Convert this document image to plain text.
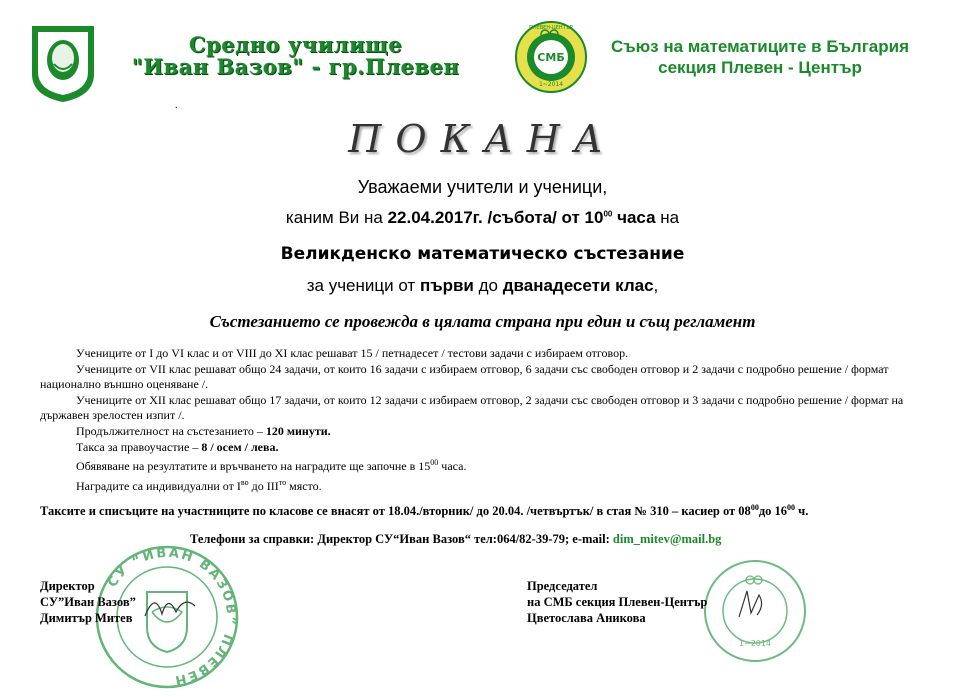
Средно училище
"Иван Вазов" - гр.Плевен	СМБ
1~2014
ПЛЕВЕН-ЦЕНТЪР
Съюз на математиците в България
секция Плевен - Център
.
ПОКАНА
Уважаеми учители и ученици,
каним Ви на 22.04.2017г. /събота/ от $10^{00}$ часа на
Великденско математическо състезание
за ученици от първи до дванадесети клас,
Състезанието се провежда в цялата страна при един и същ регламент

Учениците от I до VI клас и от VIII до XI клас решават 15 / петнадесет / тестови задачи с избираем отговор.

Учениците от VII клас решават общо 24 задачи, от които 16 задачи с избираем отговор, 6 задачи със свободен отговор и 2 задачи с подробно решение / формат национално външно оценяване /.

Учениците от XII клас решават общо 17 задачи, от които 12 задачи с избираем отговор, 2 задачи със свободен отговор и 3 задачи с подробно решение / формат на държавен зрелостен изпит /.

Продължителност на състезанието – 120 минути.

Такса за правоучастие – 8 / осем / лева.

Обявяване на резултатите и връчването на наградите ще започне в $15^{00}$ часа.

Наградите са индивидуални от $I^{во}$ до $III^{то}$ място.

Таксите и списъците на участниците по класове се внасят от 18.04./вторник/ до 20.04. /четвъртък/ в стая № 310 – касиер от $08^{00}до$ $16^{00}$ ч.
СУ “ИВАН ВАЗОВ” ПЛЕВЕН
Телефони за справки: Директор СУ“Иван Вазов“ тел:064/82-39-79; e-mail: dim_mitev@mail.bg
Директор
СУ”Иван Вазов”
Димитър Митев
1~2014
Председател
на СМБ секция Плевен-Център
Цветослава Аникова
